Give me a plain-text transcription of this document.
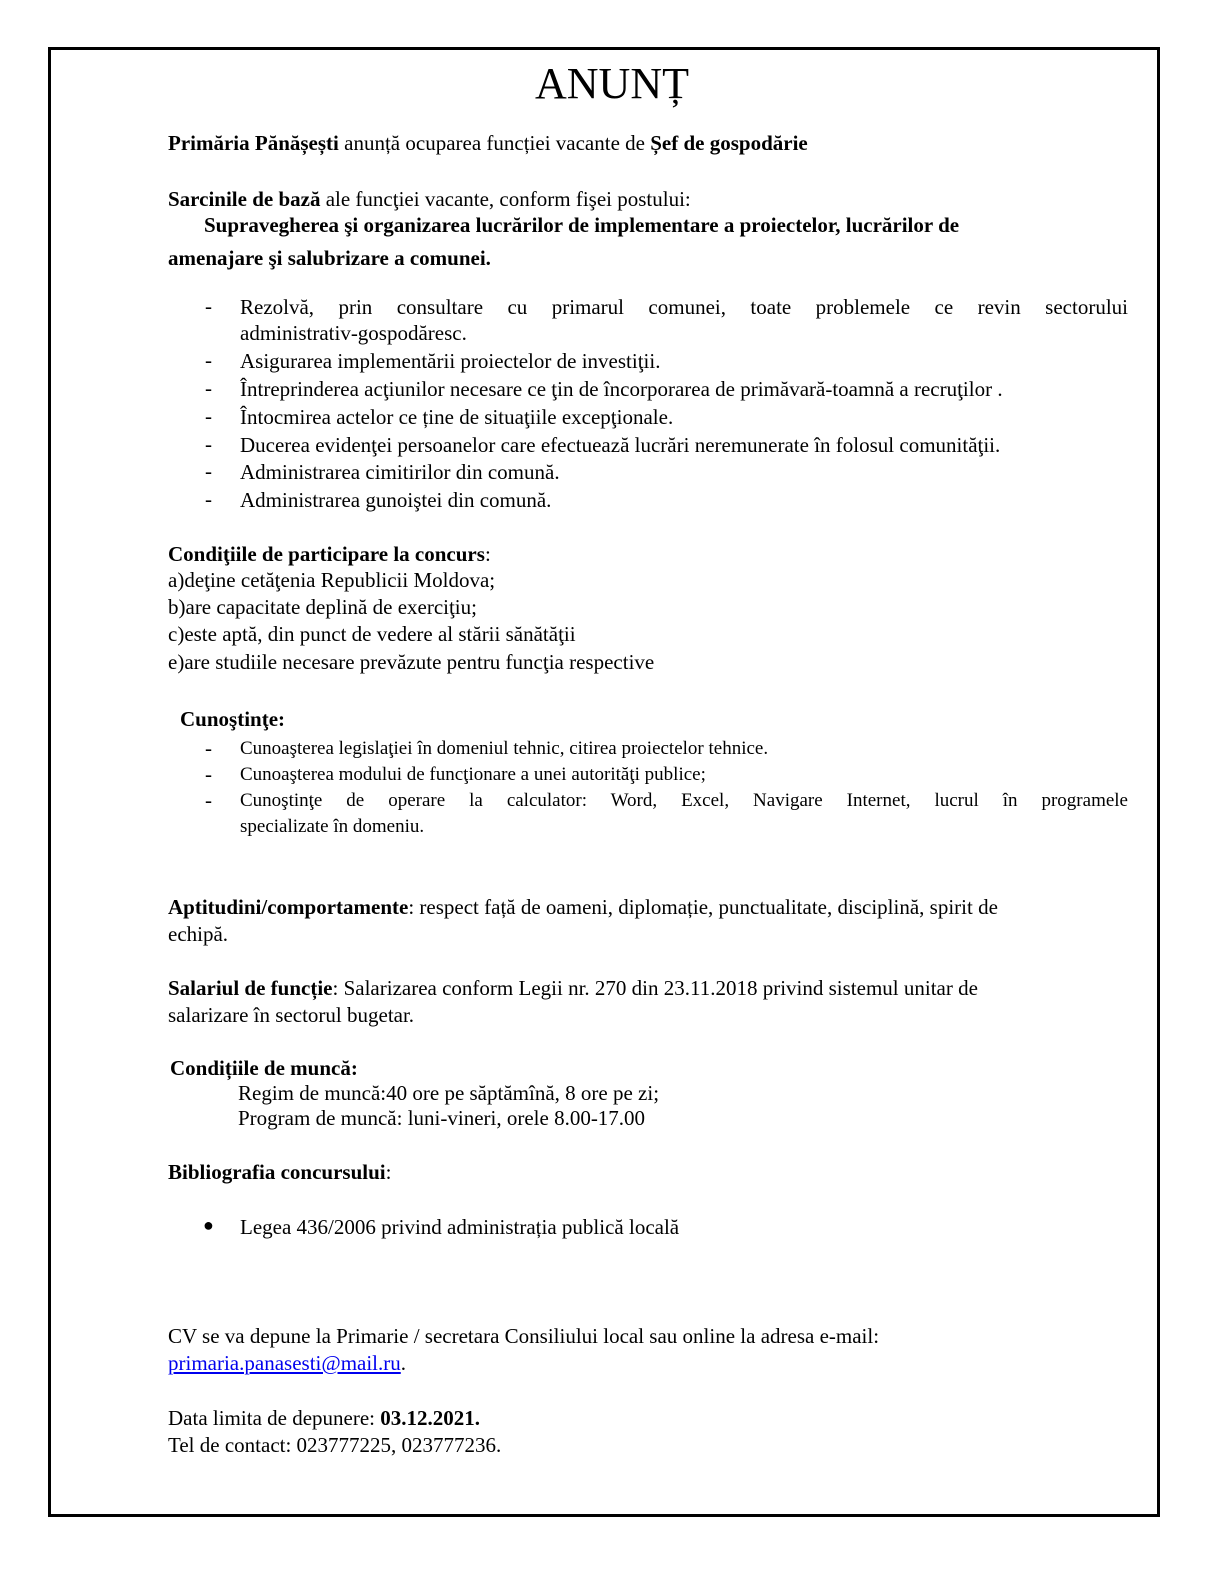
ANUNȚ
Primăria Pănășești anunță ocuparea funcției vacante de Șef de gospodărie
Sarcinile de bază ale funcţiei vacante, conform fişei postului:
Supravegherea şi organizarea lucrărilor de implementare a proiectelor, lucrărilor de
amenajare şi salubrizare a comunei.
- Rezolvă, prin consultare cu primarul comunei, toate problemele ce revin sectorului
administrativ-gospodăresc.
- Asigurarea implementării proiectelor de investiţii.
- Întreprinderea acţiunilor necesare ce ţin de încorporarea de primăvară-toamnă a recruţilor .
- Întocmirea actelor ce ține de situaţiile excepţionale.
- Ducerea evidenţei persoanelor care efectuează lucrări neremunerate în folosul comunităţii.
- Administrarea cimitirilor din comună.
- Administrarea gunoiştei din comună.
Condiţiile de participare la concurs:
a)deţine cetăţenia Republicii Moldova;
b)are capacitate deplină de exerciţiu;
c)este aptă, din punct de vedere al stării sănătăţii
e)are studiile necesare prevăzute pentru funcţia respective
Cunoştinţe:
- Cunoaşterea legislaţiei în domeniul tehnic, citirea proiectelor tehnice.
- Cunoaşterea modului de funcţionare a unei autorităţi publice;
- Cunoştinţe de operare la calculator: Word, Excel, Navigare Internet, lucrul în programele
specializate în domeniu.
Aptitudini/comportamente: respect față de oameni, diplomație, punctualitate, disciplină, spirit de
echipă.
Salariul de funcție: Salarizarea conform Legii nr. 270 din 23.11.2018 privind sistemul unitar de
salarizare în sectorul bugetar.
Condițiile de muncă:
Regim de muncă:40 ore pe săptămînă, 8 ore pe zi;
Program de muncă: luni-vineri, orele 8.00-17.00
Bibliografia concursului:
● Legea 436/2006 privind administrația publică locală
CV se va depune la Primarie / secretara Consiliului local sau online la adresa e-mail:
primaria.panasesti@mail.ru.
Data limita de depunere: 03.12.2021.
Tel de contact: 023777225, 023777236.
